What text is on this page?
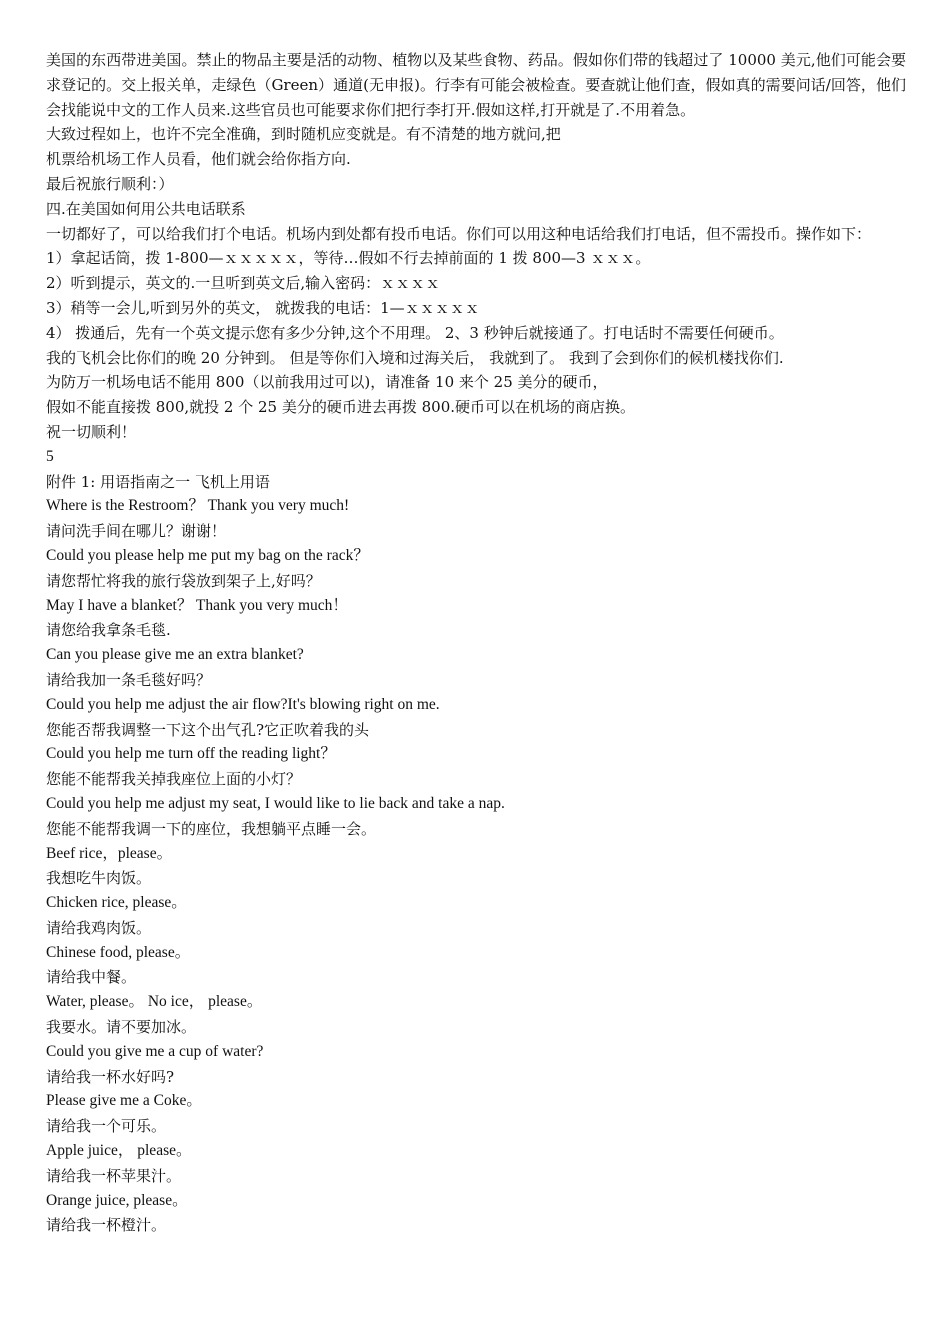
美国的东西带进美国。禁止的物品主要是活的动物、植物以及某些食物、药品。假如你们带的钱超过了 10000 美元,他们可能会要求登记的。交上报关单，走绿色（Green）通道(无申报)。行李有可能会被检查。要查就让他们查，假如真的需要问话/回答，他们会找能说中文的工作人员来.这些官员也可能要求你们把行李打开.假如这样,打开就是了.不用着急。

大致过程如上，也许不完全准确，到时随机应变就是。有不清楚的地方就问,把

机票给机场工作人员看，他们就会给你指方向.

最后祝旅行顺利：）

四.在美国如何用公共电话联系

一切都好了，可以给我们打个电话。机场内到处都有投币电话。你们可以用这种电话给我们打电话，但不需投币。操作如下：

1）拿起话筒，拨 1-800—ｘｘｘｘｘ，等待…假如不行去掉前面的 1 拨 800—3 ｘｘｘ。

2）听到提示，英文的.一旦听到英文后,输入密码：ｘｘｘｘ

3）稍等一会儿,听到另外的英文， 就拨我的电话：1—ｘｘｘｘｘ

4） 拨通后，先有一个英文提示您有多少分钟,这个不用理。 2、3 秒钟后就接通了。打电话时不需要任何硬币。

我的飞机会比你们的晚 20 分钟到。 但是等你们入境和过海关后， 我就到了。 我到了会到你们的候机楼找你们.

为防万一机场电话不能用 800（以前我用过可以)，请准备 10 来个 25 美分的硬币，

假如不能直接拨 800,就投 2 个 25 美分的硬币进去再拨 800.硬币可以在机场的商店换。

祝一切顺利！

5

附件 1: 用语指南之一 飞机上用语

Where is the Restroom？ Thank you very much!

请问洗手间在哪儿？谢谢！

Could you please help me put my bag on the rack？

请您帮忙将我的旅行袋放到架子上,好吗？

May I have a blanket？ Thank you very much！

请您给我拿条毛毯.

Can you please give me an extra blanket?

请给我加一条毛毯好吗？

Could you help me adjust the air flow?It's blowing right on me.

您能否帮我调整一下这个出气孔?它正吹着我的头

Could you help me turn off the reading light？

您能不能帮我关掉我座位上面的小灯？

Could you help me adjust my seat, I would like to lie back and take a nap.

您能不能帮我调一下的座位，我想躺平点睡一会。

Beef rice，please。

我想吃牛肉饭。

Chicken rice, please。

请给我鸡肉饭。

Chinese food, please。

请给我中餐。

Water, please。 No ice， please。

我要水。请不要加冰。

Could you give me a cup of water?

请给我一杯水好吗?

Please give me a Coke。

请给我一个可乐。

Apple juice， please。

请给我一杯苹果汁。

Orange juice, please。

请给我一杯橙汁。
